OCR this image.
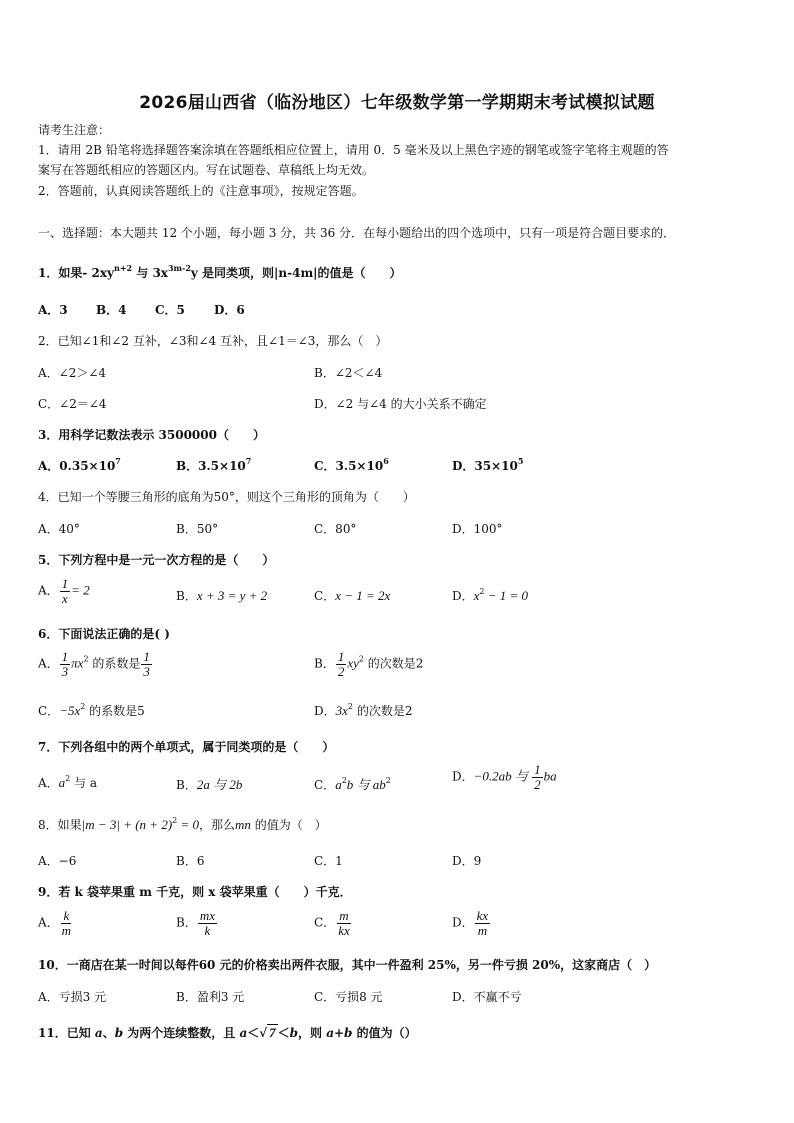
2026届山西省（临汾地区）七年级数学第一学期期末考试模拟试题
请考生注意：
1．请用 2B 铅笔将选择题答案涂填在答题纸相应位置上，请用 0．5 毫米及以上黑色字迹的钢笔或签字笔将主观题的答
案写在答题纸相应的答题区内。写在试题卷、草稿纸上均无效。
2．答题前，认真阅读答题纸上的《注意事项》，按规定答题。
一、选择题：本大题共 12 个小题，每小题 3 分，共 36 分．在每小题给出的四个选项中，只有一项是符合题目要求的．
1．如果- $2xy^{n+2}$ 与 $3x^{3m-2}y$ 是同类项，则|n-4m|的值是（　　）
A．3 B．4 C．5 D．6
2．已知∠1和∠2 互补，∠3和∠4 互补，且∠1＝∠3，那么（　）
A．∠2＞∠4	B．∠2＜∠4
C．∠2＝∠4	D．∠2 与∠4 的大小关系不确定
3．用科学记数法表示 3500000（　　）
A．$0.35\times 10^7$	B．$3.5\times 10^7$	C．$3.5\times 10^6$	D．$35\times 10^5$
4．已知一个等腰三角形的底角为50°，则这个三角形的顶角为（　　）
A．40°	B．50°	C．80°	D．100°
5．下列方程中是一元一次方程的是（　　）
A． $\frac{1}{x} = 2$	B．x + 3 = y + 2	C．x − 1 = 2x	D．$x^2 - 1 = 0$
6．下面说法正确的是( )
A． $\frac{1}{3} \pi x^2$ 的系数是 $\frac{1}{3}$	B． $\frac{1}{2} xy^2$ 的次数是2
C．$-5x^2$ 的系数是5	D．$3x^2$ 的次数是2
7．下列各组中的两个单项式，属于同类项的是（　　）
A．$a^2$ 与 a	B．2a 与 2b	C．$a^2b$ 与 $ab^2$	D．−0.2ab 与 $\frac{1}{2}$ ba
8．如果$|m - 3| + (n + 2)^2 = 0$，那么mn 的值为（　）
A．−6	B．6	C．1	D．9
9．若 k 袋苹果重 m 千克，则 x 袋苹果重（　　）千克．
A． $\frac{k}{m}$	B． $\frac{mx}{k}$	C． $\frac{m}{kx}$	D． $\frac{kx}{m}$
10．一商店在某一时间以每件60 元的价格卖出两件衣服，其中一件盈利 25%，另一件亏损 20%，这家商店（　）
A．亏损3 元	B．盈利3 元	C．亏损8 元	D．不赢不亏
11．已知 a、b 为两个连续整数，且 a＜√ 7 ＜b，则 a+b 的值为（）
